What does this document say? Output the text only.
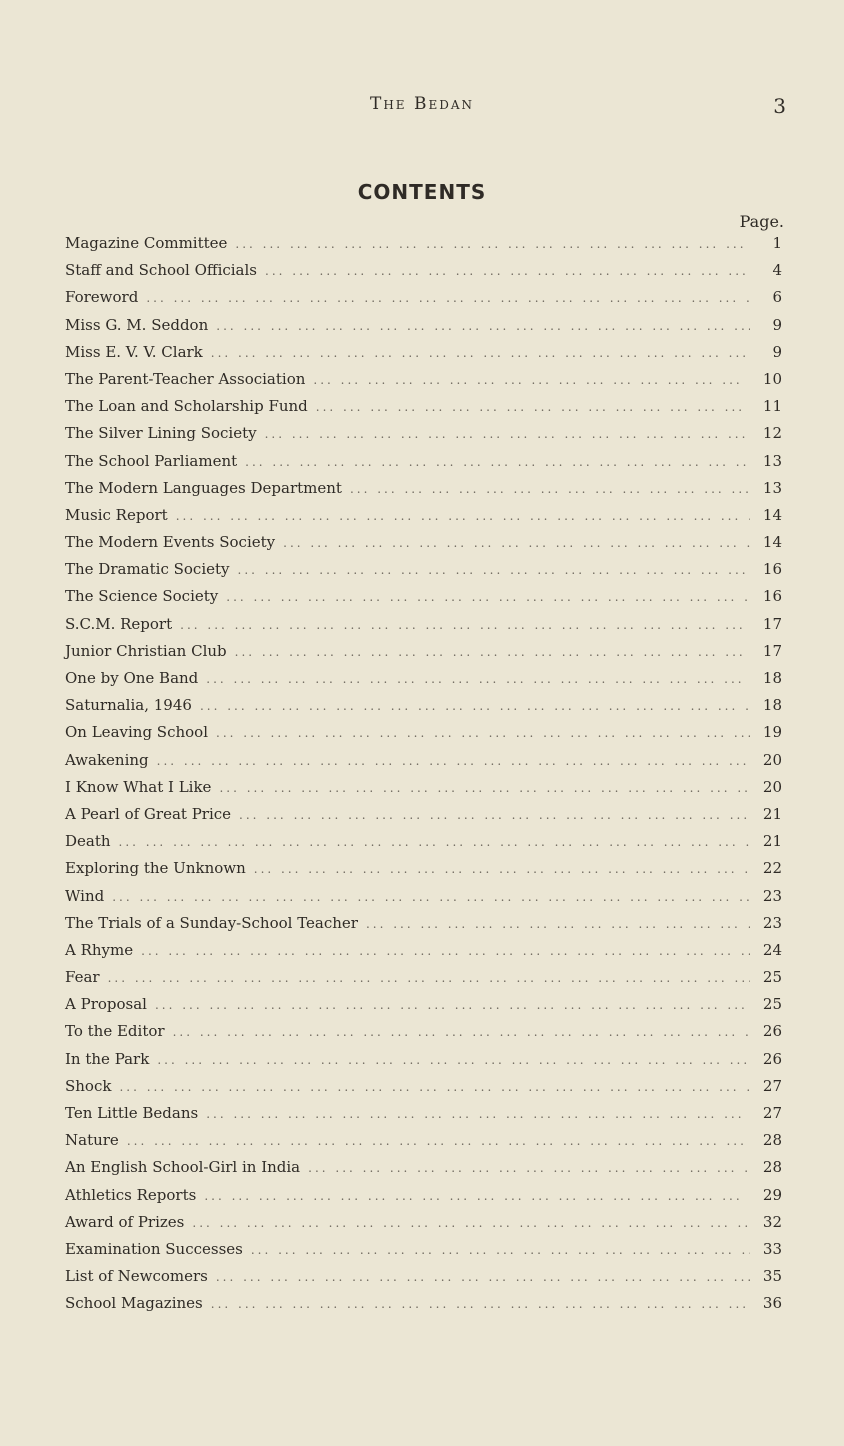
The Bedan	3
CONTENTS
Page.
Magazine Committee ... .	1
Staff and School Officials ... .	4
Foreword ... .	6
Miss G. M. Seddon ... .	9
Miss E. V. V. Clark ... .	9
The Parent-Teacher Association ... .	10
The Loan and Scholarship Fund ... .	11
The Silver Lining Society ... .	12
The School Parliament ... .	13
The Modern Languages Department ... .	13
Music Report ... .	14
The Modern Events Society ... .	14
The Dramatic Society ... .	16
The Science Society ... .	16
S.C.M. Report ... .	17
Junior Christian Club ... .	17
One by One Band ... .	18
Saturnalia, 1946 ... .	18
On Leaving School ... .	19
Awakening ... .	20
I Know What I Like ... .	20
A Pearl of Great Price ... .	21
Death ... .	21
Exploring the Unknown ... .	22
Wind ... .	23
The Trials of a Sunday-School Teacher ... .	23
A Rhyme ... .	24
Fear ... .	25
A Proposal ... .	25
To the Editor ... .	26
In the Park ... .	26
Shock ... .	27
Ten Little Bedans ... .	27
Nature ... .	28
An English School-Girl in India ... .	28
Athletics Reports ... .	29
Award of Prizes ... .	32
Examination Successes ... .	33
List of Newcomers ... .	35
School Magazines ... .	36
